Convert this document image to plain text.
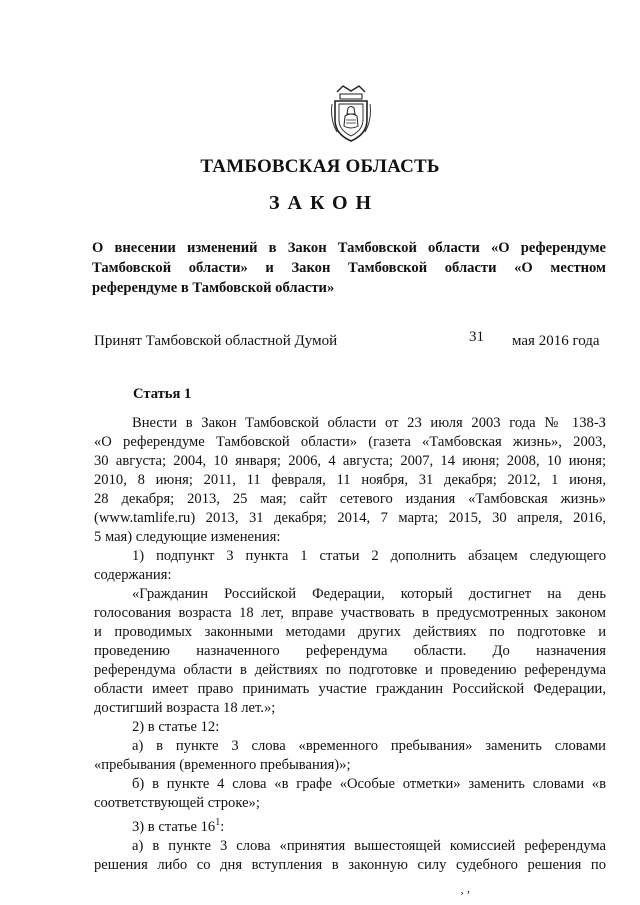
ТАМБОВСКАЯ ОБЛАСТЬ
ЗАКОН
О внесении изменений в Закон Тамбовской области «О референдуме
Тамбовской области» и Закон Тамбовской области «О местном
референдуме в Тамбовской области»
Принят Тамбовской областной Думой	31 мая 2016 года
Статья 1
Внести в Закон Тамбовской области от 23 июля 2003 года № 138-З
«О референдуме Тамбовской области» (газета «Тамбовская жизнь», 2003,
30 августа; 2004, 10 января; 2006, 4 августа; 2007, 14 июня; 2008, 10 июня;
2010, 8 июня; 2011, 11 февраля, 11 ноября, 31 декабря; 2012, 1 июня,
28 декабря; 2013, 25 мая; сайт сетевого издания «Тамбовская жизнь»
(www.tamlife.ru) 2013, 31 декабря; 2014, 7 марта; 2015, 30 апреля, 2016,
5 мая) следующие изменения:
1) подпункт 3 пункта 1 статьи 2 дополнить абзацем следующего
содержания:
«Гражданин Российской Федерации, который достигнет на день
голосования возраста 18 лет, вправе участвовать в предусмотренных законом
и проводимых законными методами других действиях по подготовке и
проведению назначенного референдума области. До назначения
референдума области в действиях по подготовке и проведению референдума
области имеет право принимать участие гражданин Российской Федерации,
достигший возраста 18 лет.»;
2) в статье 12:
а) в пункте 3 слова «временного пребывания» заменить словами
«пребывания (временного пребывания)»;
б) в пункте 4 слова «в графе «Особые отметки» заменить словами «в
соответствующей строке»;
3) в статье $16^1$:
а) в пункте 3 слова «принятия вышестоящей комиссией референдума
решения либо со дня вступления в законную силу судебного решения по
¸ ,
